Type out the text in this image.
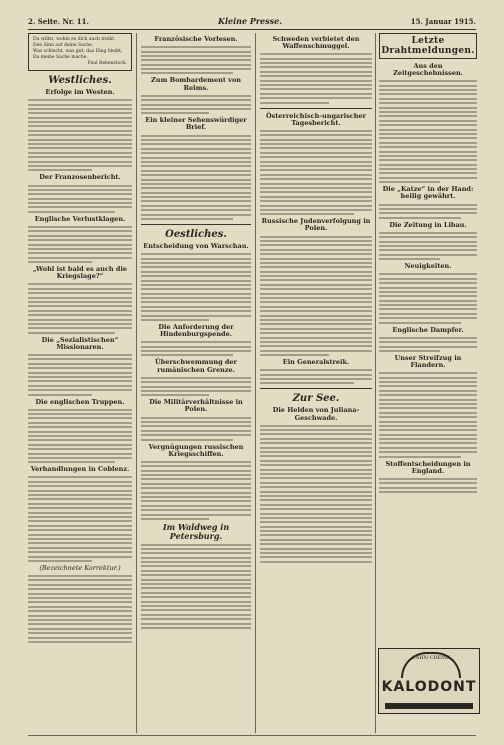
2. Seite. Nr. 11.	Kleine Presse.	15. Januar 1915.
Du willst, wohin es dich auch treibt,
Den Sinn auf deine Sache,
Was schlecht, was gut, das Ding bleibt,
Da meine Sache mache.
Paul Rebenstock.
Westliches.
Erfolge im Westen.
Der Franzosenbericht.
Englische Verlustklagen.
„Wohl ist bald es auch die Kriegslage?“
Die „Sozialistischen“ Missionaren.
Die englischen Truppen.
Verhandlungen in Coblenz.
(Bezeichnete Korrektur.)
Französische Vorlesen.
Zum Bombardement von Reims.
Ein kleiner Sehenswürdiger Brief.
Oestliches.
Entscheidung von Warschau.
Die Anforderung der Hindenburgspende.
Überschwemmung der rumänischen Grenze.
Die Militärverhältnisse in Polen.
Vergnügungen russischen Kriegsschiffen.
Im Waldweg in Petersburg.
Schweden verbietet den Waffenschmuggel.
Österreichisch-ungarischer Tagesbericht.
Russische Judenverfolgung in Polen.
Ein Generalstreik.
Zur See.
Die Helden von Juliana-Geschwade.
Letzte Drahtmeldungen.
Aus den Zeitgeschehnissen.
Die „Katze“ in der Hand: heilig gewährt.
Die Zeitung in Libau.
Neuigkeiten.
Englische Dampfer.
Unser Streifzug in Flandern.
Stoffentscheidungen in England.
ZAHN-CREME
KALODONT
